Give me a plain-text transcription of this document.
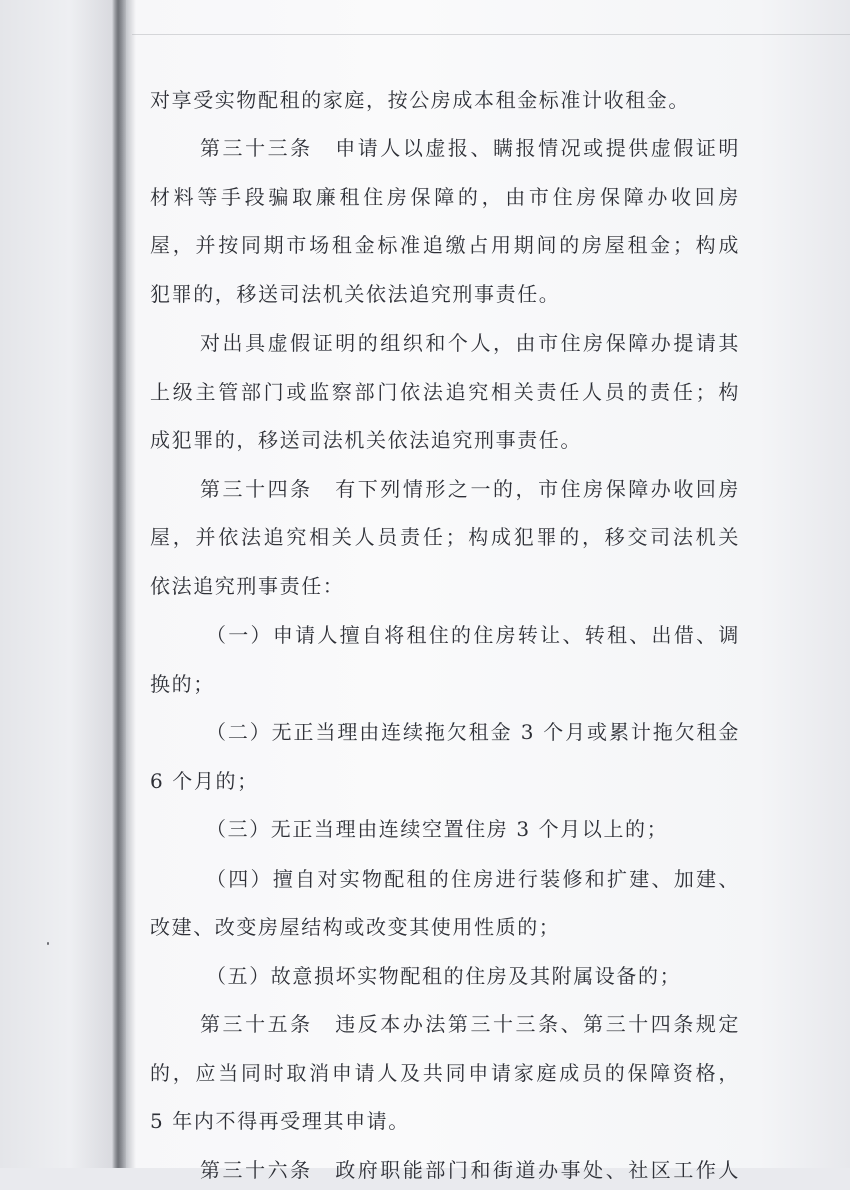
对享受实物配租的家庭，按公房成本租金标准计收租金。
第三十三条　申请人以虚报、瞒报情况或提供虚假证明
材料等手段骗取廉租住房保障的，由市住房保障办收回房
屋，并按同期市场租金标准追缴占用期间的房屋租金；构成
犯罪的，移送司法机关依法追究刑事责任。
对出具虚假证明的组织和个人，由市住房保障办提请其
上级主管部门或监察部门依法追究相关责任人员的责任；构
成犯罪的，移送司法机关依法追究刑事责任。
第三十四条　有下列情形之一的，市住房保障办收回房
屋，并依法追究相关人员责任；构成犯罪的，移交司法机关
依法追究刑事责任：
（一）申请人擅自将租住的住房转让、转租、出借、调
换的；
（二）无正当理由连续拖欠租金 3 个月或累计拖欠租金
6 个月的；
（三）无正当理由连续空置住房 3 个月以上的；
（四）擅自对实物配租的住房进行装修和扩建、加建、
改建、改变房屋结构或改变其使用性质的；
（五）故意损坏实物配租的住房及其附属设备的；
第三十五条　违反本办法第三十三条、第三十四条规定
的，应当同时取消申请人及共同申请家庭成员的保障资格，
5 年内不得再受理其申请。
第三十六条　政府职能部门和街道办事处、社区工作人
